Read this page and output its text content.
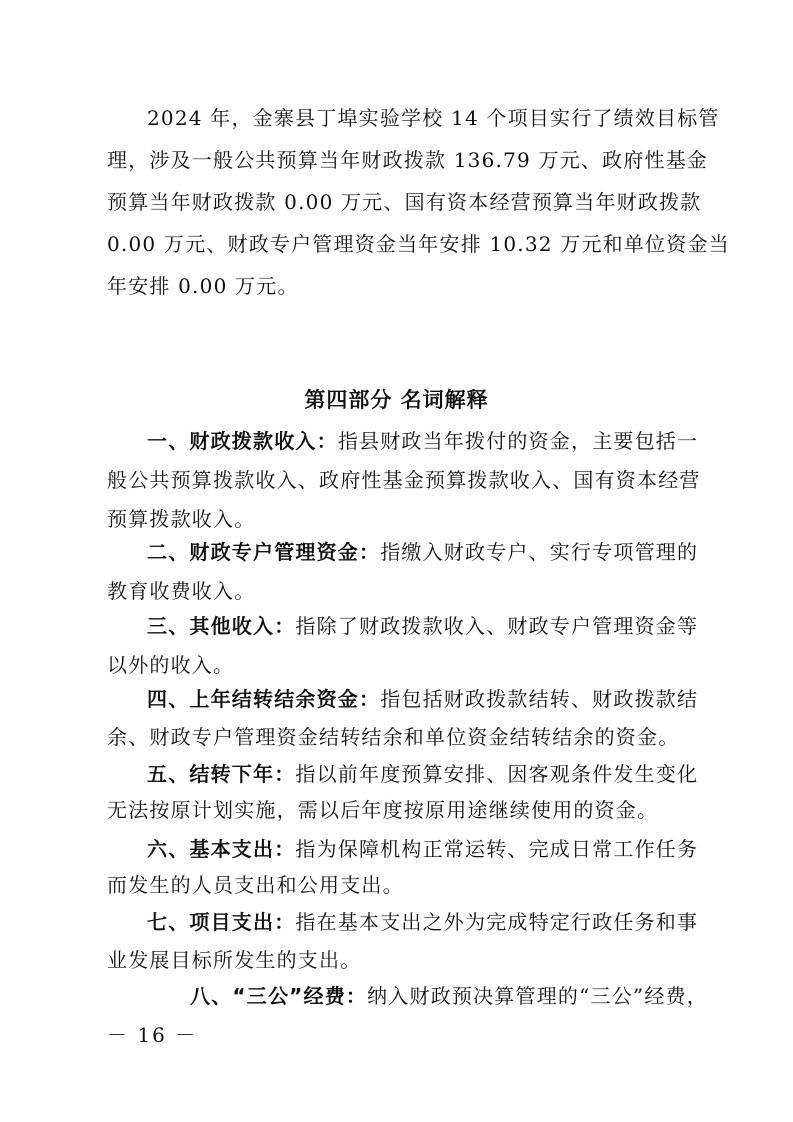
2024 年，金寨县丁埠实验学校 14 个项目实行了绩效目标管
理，涉及一般公共预算当年财政拨款 136.79 万元、政府性基金
预算当年财政拨款 0.00 万元、国有资本经营预算当年财政拨款
0.00 万元、财政专户管理资金当年安排 10.32 万元和单位资金当
年安排 0.00 万元。
第四部分 名词解释
一、财政拨款收入：指县财政当年拨付的资金，主要包括一
般公共预算拨款收入、政府性基金预算拨款收入、国有资本经营
预算拨款收入。
二、财政专户管理资金：指缴入财政专户、实行专项管理的
教育收费收入。
三、其他收入：指除了财政拨款收入、财政专户管理资金等
以外的收入。
四、上年结转结余资金：指包括财政拨款结转、财政拨款结
余、财政专户管理资金结转结余和单位资金结转结余的资金。
五、结转下年：指以前年度预算安排、因客观条件发生变化
无法按原计划实施，需以后年度按原用途继续使用的资金。
六、基本支出：指为保障机构正常运转、完成日常工作任务
而发生的人员支出和公用支出。
七、项目支出：指在基本支出之外为完成特定行政任务和事
业发展目标所发生的支出。
八、“三公”经费：纳入财政预决算管理的“三公”经费，
－ 16 －
